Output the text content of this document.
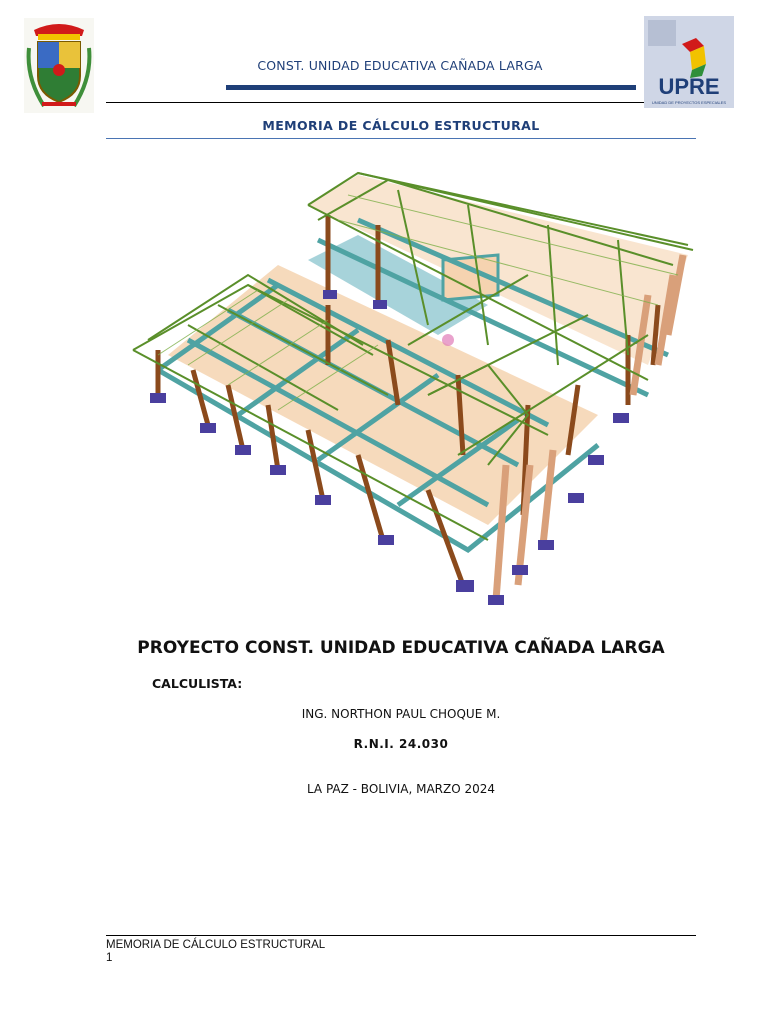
CONST. UNIDAD EDUCATIVA CAÑADA LARGA
UPRE
UNIDAD DE PROYECTOS ESPECIALES
MEMORIA DE CÁLCULO ESTRUCTURAL
PROYECTO CONST. UNIDAD EDUCATIVA CAÑADA LARGA
CALCULISTA:
ING. NORTHON PAUL CHOQUE M.
R.N.I. 24.030
LA PAZ - BOLIVIA, MARZO 2024
MEMORIA DE CÁLCULO ESTRUCTURAL
1
